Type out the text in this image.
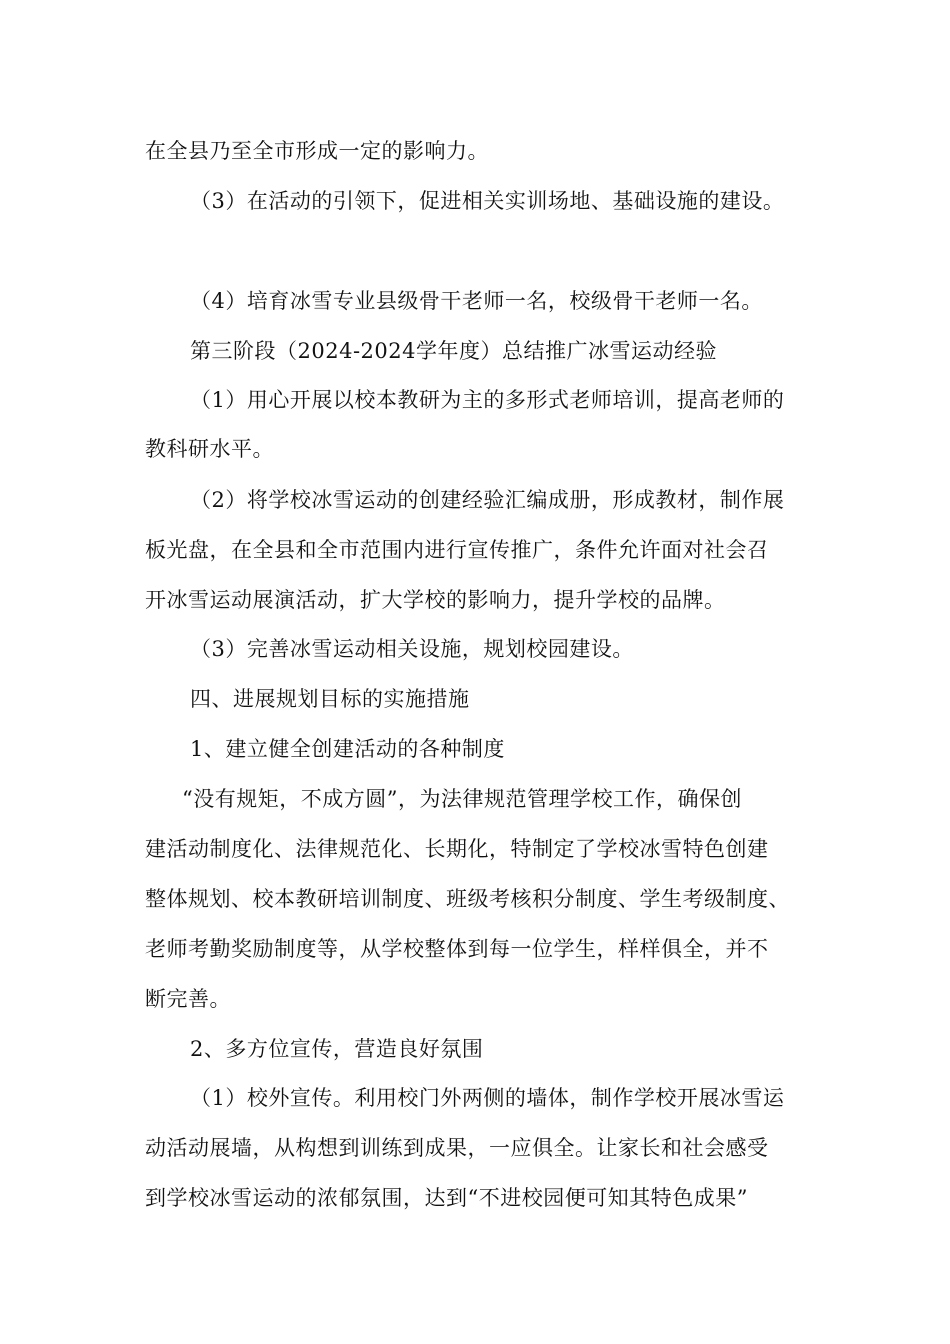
在全县乃至全市形成一定的影响力。
（3）在活动的引领下，促进相关实训场地、基础设施的建设。
（4）培育冰雪专业县级骨干老师一名，校级骨干老师一名。
第三阶段（2024-2024学年度）总结推广冰雪运动经验
（1）用心开展以校本教研为主的多形式老师培训，提高老师的
教科研水平。
（2）将学校冰雪运动的创建经验汇编成册，形成教材，制作展
板光盘，在全县和全市范围内进行宣传推广，条件允许面对社会召
开冰雪运动展演活动，扩大学校的影响力，提升学校的品牌。
（3）完善冰雪运动相关设施，规划校园建设。
四、进展规划目标的实施措施
1、建立健全创建活动的各种制度
“没有规矩，不成方圆”，为法律规范管理学校工作，确保创
建活动制度化、法律规范化、长期化，特制定了学校冰雪特色创建
整体规划、校本教研培训制度、班级考核积分制度、学生考级制度、
老师考勤奖励制度等，从学校整体到每一位学生，样样俱全，并不
断完善。
2、多方位宣传，营造良好氛围
（1）校外宣传。利用校门外两侧的墙体，制作学校开展冰雪运
动活动展墙，从构想到训练到成果，一应俱全。让家长和社会感受
到学校冰雪运动的浓郁氛围，达到“不进校园便可知其特色成果”
